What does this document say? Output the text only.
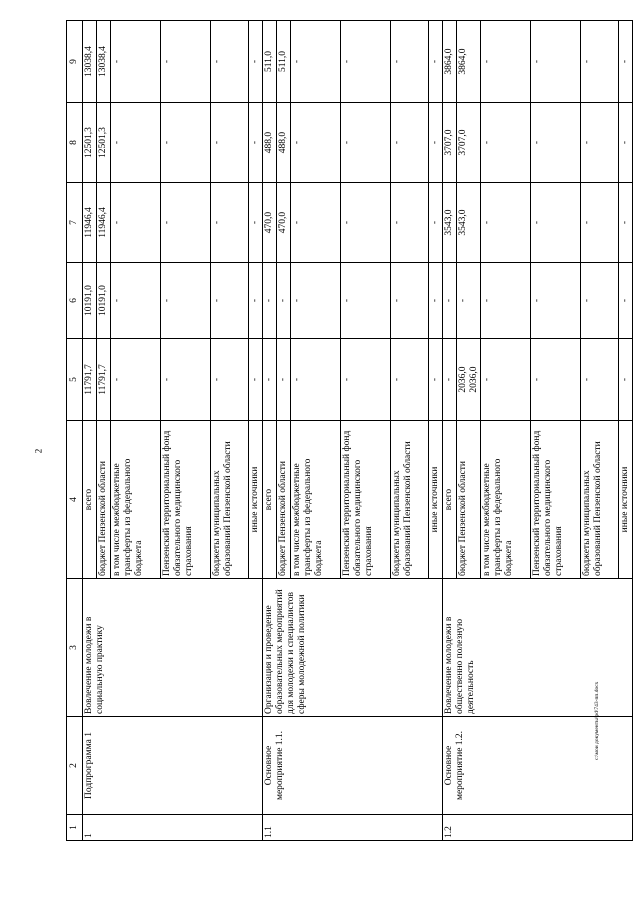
2
1	2	3	4	5	6	7	8	9
1	Подпрограмма 1	Вовлечение молодежи в социальную практику	всего	11791,7	10191,0	11946,4	12501,3	13038,4

			бюджет Пензенской области	11791,7	10191,0	11946,4	12501,3	13038,4

			в том числе межбюджетные трансферты из федерального бюджета	-	-	-	-	-

			Пензенский территориальный фонд обязательного медицинского страхования	-	-	-	-	-

			бюджеты муниципальных образований Пензенской области	-	-	-	-	-

			иные источники	-	-	-	-	-

1.1	Основное мероприятие 1.1.	Организация и проведение образовательных мероприятий для молодежи и специалистов сферы молодежной политики	всего	-	-	470,0	488,0	511,0

			бюджет Пензенской области	-	-	470,0	488,0	511,0

			в том числе межбюджетные трансферты из федерального бюджета	-	-	-	-	-

			Пензенский территориальный фонд обязательного медицинского страхования	-	-	-	-	-

			бюджеты муниципальных образований Пензенской области	-	-	-	-	-

			иные источники	-	-	-	-	-

1.2	Основное мероприятие 1.2.	Вовлечение молодежи в общественно полезную деятельность	всего	-	-	3543,0	3707,0	3864,0

			бюджет Пензенской области	2036,0 2036,0	-	3543,0	3707,0	3864,0

			в том числе межбюджетные трансферты из федерального бюджета	-	-	-	-	-

			Пензенский территориальный фонд обязательного медицинского страхования	-	-	-	-	-

			бюджеты муниципальных образований Пензенской области	-	-	-	-	-

			иные источники	-	-	-	-	-
c:\мои документы\pd\743-пп.docx
